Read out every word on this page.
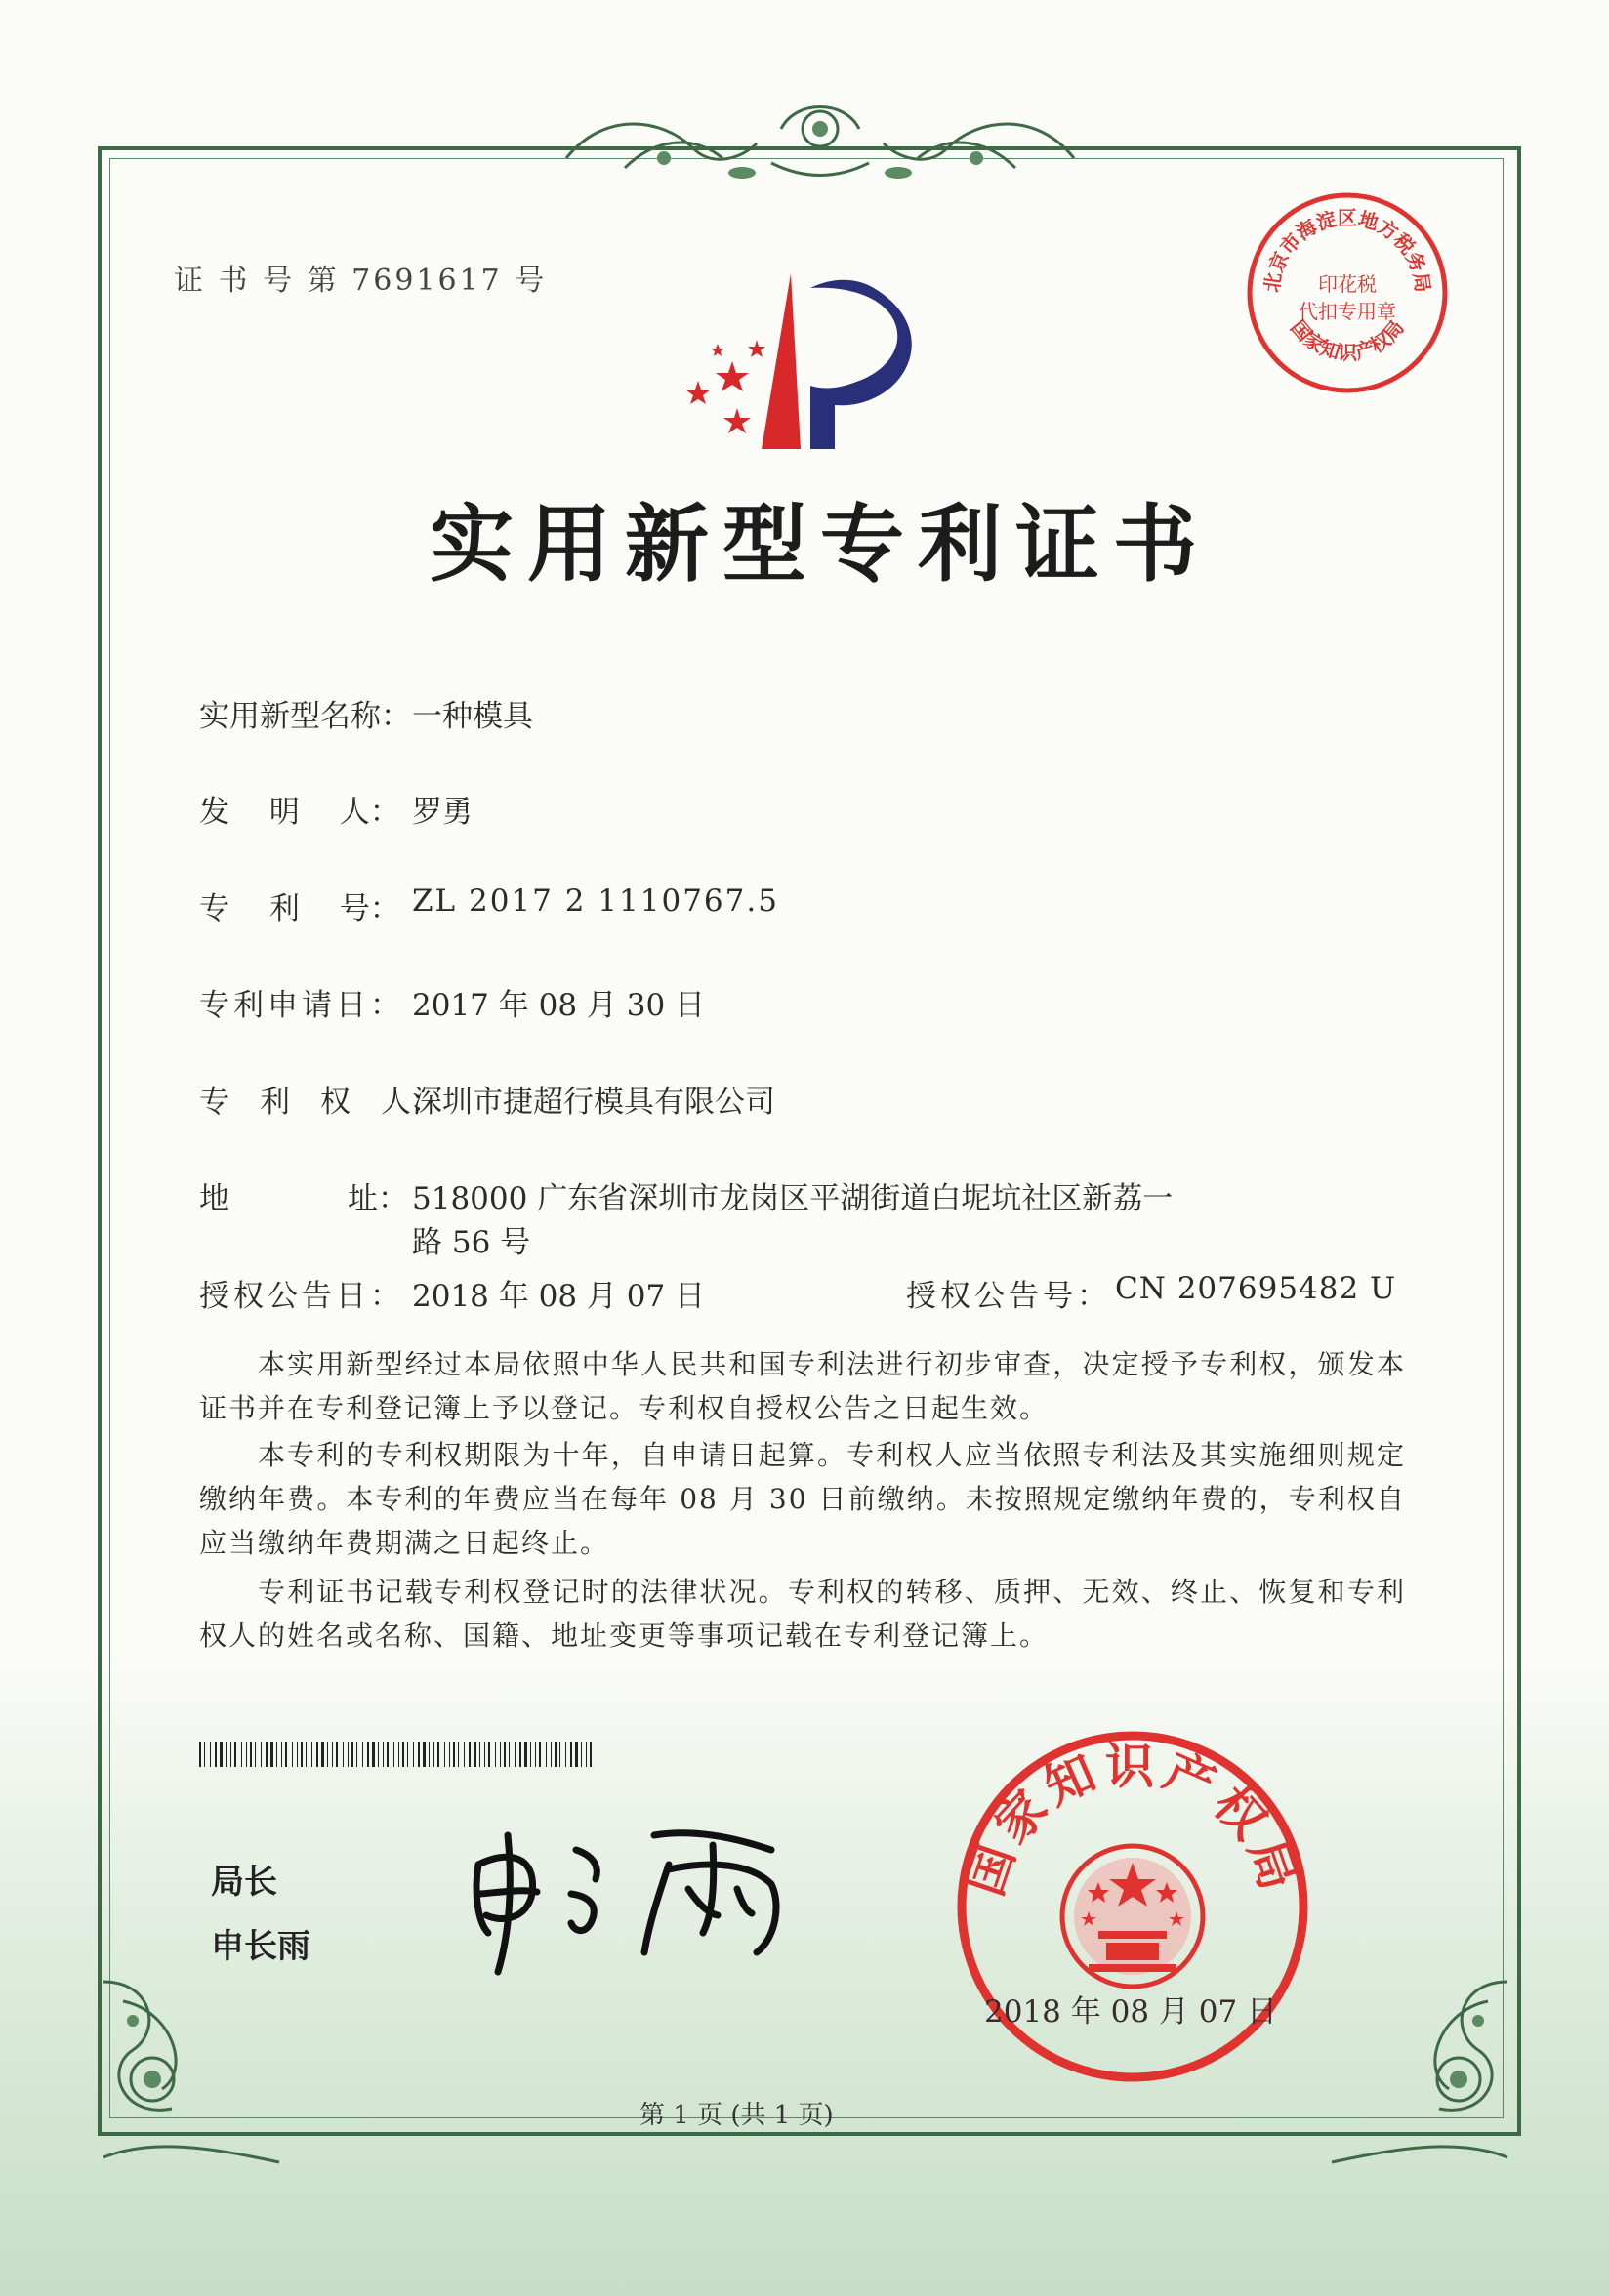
证 书 号 第 7691617 号	北京市海淀区地方税务局
印花税
代扣专用章
国家知识产权局
实用新型专利证书
实用新型名称： 一种模具
发　 明　 人： 罗勇
专　 利　 号： ZL 2017 2 1110767.5
专利申请日： 2017 年 08 月 30 日
专　利　权　人：
深圳市捷超行模具有限公司
地	址： 518000 广东省深圳市龙岗区平湖街道白坭坑社区新荔一
路 56 号
授权公告日： 2018 年 08 月 07 日	授权公告号： CN 207695482 U
本实用新型经过本局依照中华人民共和国专利法进行初步审查，决定授予专利权，颁发本证书并在专利登记簿上予以登记。专利权自授权公告之日起生效。
本专利的专利权期限为十年，自申请日起算。专利权人应当依照专利法及其实施细则规定缴纳年费。本专利的年费应当在每年 08 月 30 日前缴纳。未按照规定缴纳年费的，专利权自应当缴纳年费期满之日起终止。
专利证书记载专利权登记时的法律状况。专利权的转移、质押、无效、终止、恢复和专利权人的姓名或名称、国籍、地址变更等事项记载在专利登记簿上。
局长
申长雨
国家知识产权局
2018 年 08 月 07 日
第 1 页 (共 1 页)
